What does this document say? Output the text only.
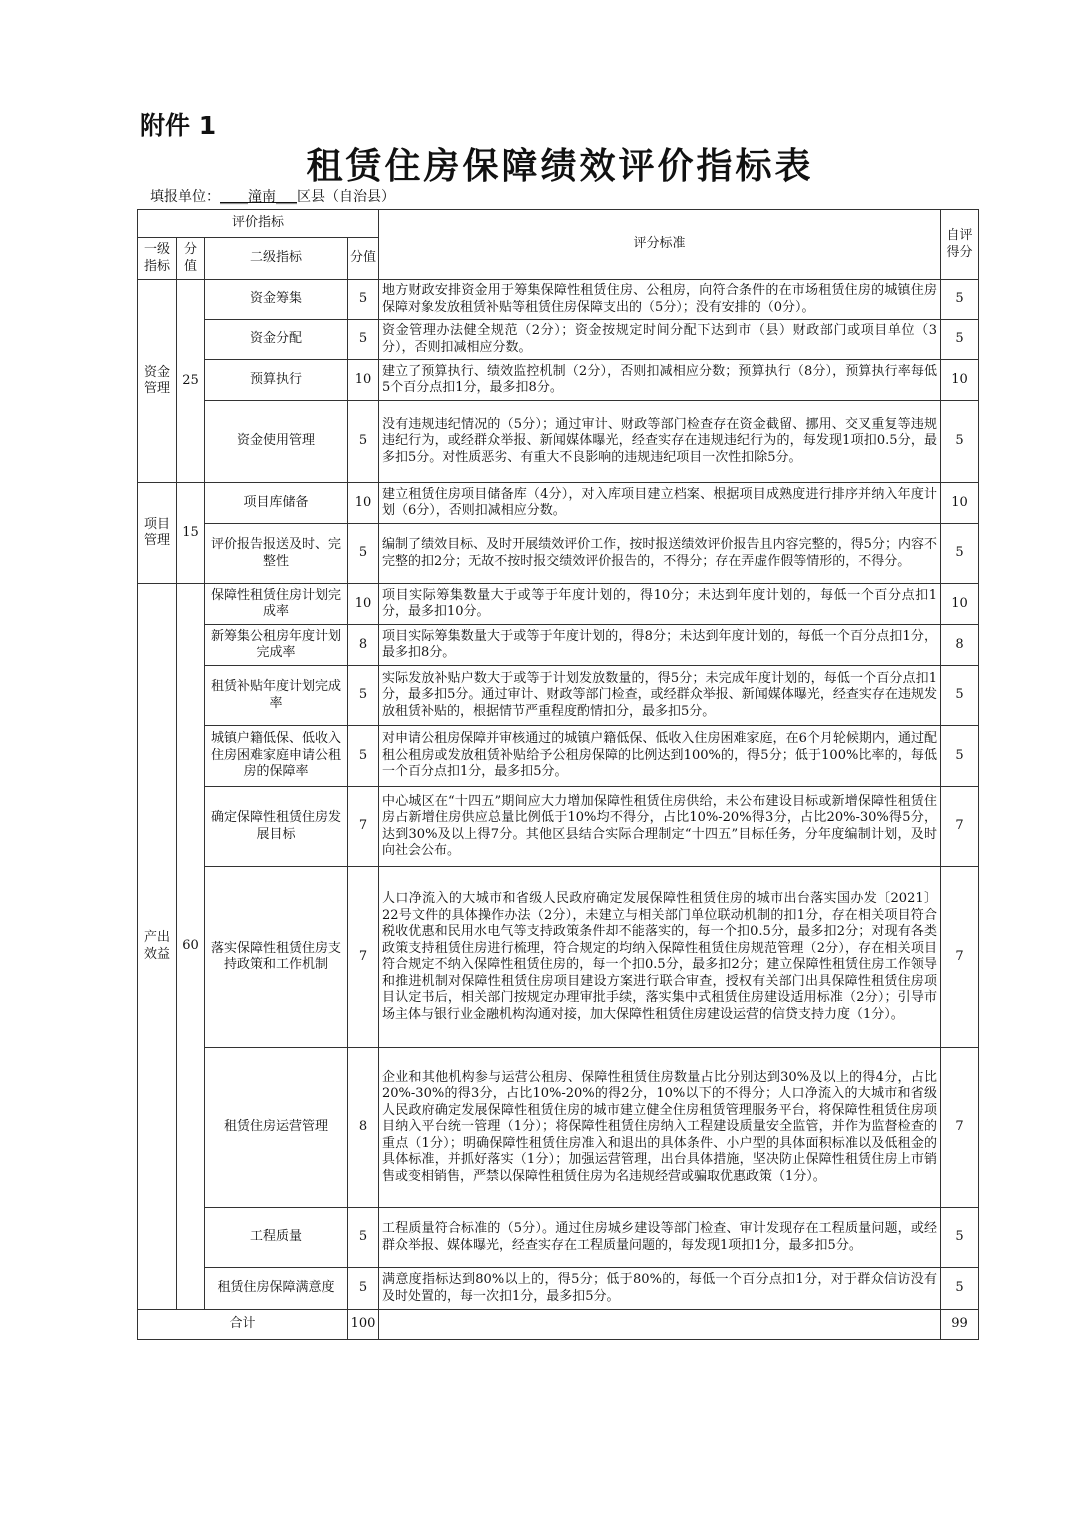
附件 1
租赁住房保障绩效评价指标表
填报单位：____潼南___区县（自治县）
评价指标				评分标准	自评得分
一级指标	分值	二级指标	分值		
资金管理	25	资金筹集	5	地方财政安排资金用于筹集保障性租赁住房、公租房，向符合条件的在市场租赁住房的城镇住房保障对象发放租赁补贴等租赁住房保障支出的（5分）；没有安排的（0分）。	5
		资金分配	5	资金管理办法健全规范（2分）；资金按规定时间分配下达到市（县）财政部门或项目单位（3分），否则扣减相应分数。	5
		预算执行	10	建立了预算执行、绩效监控机制（2分），否则扣减相应分数；预算执行（8分），预算执行率每低5个百分点扣1分，最多扣8分。	10
		资金使用管理	5	没有违规违纪情况的（5分）；通过审计、财政等部门检查存在资金截留、挪用、交叉重复等违规违纪行为，或经群众举报、新闻媒体曝光，经查实存在违规违纪行为的，每发现1项扣0.5分，最多扣5分。对性质恶劣、有重大不良影响的违规违纪项目一次性扣除5分。	5
项目管理	15	项目库储备	10	建立租赁住房项目储备库（4分），对入库项目建立档案、根据项目成熟度进行排序并纳入年度计划（6分），否则扣减相应分数。	10
		评价报告报送及时、完整性	5	编制了绩效目标、及时开展绩效评价工作，按时报送绩效评价报告且内容完整的，得5分；内容不完整的扣2分；无故不按时报交绩效评价报告的，不得分；存在弄虚作假等情形的，不得分。	5
产出效益	60	保障性租赁住房计划完成率	10	项目实际筹集数量大于或等于年度计划的，得10分；未达到年度计划的，每低一个百分点扣1分，最多扣10分。	10
		新筹集公租房年度计划完成率	8	项目实际筹集数量大于或等于年度计划的，得8分；未达到年度计划的，每低一个百分点扣1分，最多扣8分。	8
		租赁补贴年度计划完成率	5	实际发放补贴户数大于或等于计划发放数量的，得5分；未完成年度计划的，每低一个百分点扣1分，最多扣5分。通过审计、财政等部门检查，或经群众举报、新闻媒体曝光，经查实存在违规发放租赁补贴的，根据情节严重程度酌情扣分，最多扣5分。	5
		城镇户籍低保、低收入住房困难家庭申请公租房的保障率	5	对申请公租房保障并审核通过的城镇户籍低保、低收入住房困难家庭，在6个月轮候期内，通过配租公租房或发放租赁补贴给予公租房保障的比例达到100%的，得5分；低于100%比率的，每低一个百分点扣1分，最多扣5分。	5
		确定保障性租赁住房发展目标	7	中心城区在“十四五”期间应大力增加保障性租赁住房供给，未公布建设目标或新增保障性租赁住房占新增住房供应总量比例低于10%均不得分，占比10%-20%得3分，占比20%-30%得5分，达到30%及以上得7分。其他区县结合实际合理制定“十四五”目标任务，分年度编制计划，及时向社会公布。	7
		落实保障性租赁住房支持政策和工作机制	7	人口净流入的大城市和省级人民政府确定发展保障性租赁住房的城市出台落实国办发〔2021〕22号文件的具体操作办法（2分），未建立与相关部门单位联动机制的扣1分，存在相关项目符合税收优惠和民用水电气等支持政策条件却不能落实的，每一个扣0.5分，最多扣2分；对现有各类政策支持租赁住房进行梳理，符合规定的均纳入保障性租赁住房规范管理（2分），存在相关项目符合规定不纳入保障性租赁住房的，每一个扣0.5分，最多扣2分；建立保障性租赁住房工作领导和推进机制对保障性租赁住房项目建设方案进行联合审查，授权有关部门出具保障性租赁住房项目认定书后，相关部门按规定办理审批手续，落实集中式租赁住房建设适用标准（2分）；引导市场主体与银行业金融机构沟通对接，加大保障性租赁住房建设运营的信贷支持力度（1分）。	7
		租赁住房运营管理	8	企业和其他机构参与运营公租房、保障性租赁住房数量占比分别达到30%及以上的得4分，占比20%-30%的得3分，占比10%-20%的得2分，10%以下的不得分；人口净流入的大城市和省级人民政府确定发展保障性租赁住房的城市建立健全住房租赁管理服务平台，将保障性租赁住房项目纳入平台统一管理（1分）；将保障性租赁住房纳入工程建设质量安全监管，并作为监督检查的重点（1分）；明确保障性租赁住房准入和退出的具体条件、小户型的具体面积标准以及低租金的具体标准，并抓好落实（1分）；加强运营管理，出台具体措施，坚决防止保障性租赁住房上市销售或变相销售，严禁以保障性租赁住房为名违规经营或骗取优惠政策（1分）。	7
		工程质量	5	工程质量符合标准的（5分）。通过住房城乡建设等部门检查、审计发现存在工程质量问题，或经群众举报、媒体曝光，经查实存在工程质量问题的，每发现1项扣1分，最多扣5分。	5
		租赁住房保障满意度	5	满意度指标达到80%以上的，得5分；低于80%的，每低一个百分点扣1分，对于群众信访没有及时处置的，每一次扣1分，最多扣5分。	5
合计			100		99
